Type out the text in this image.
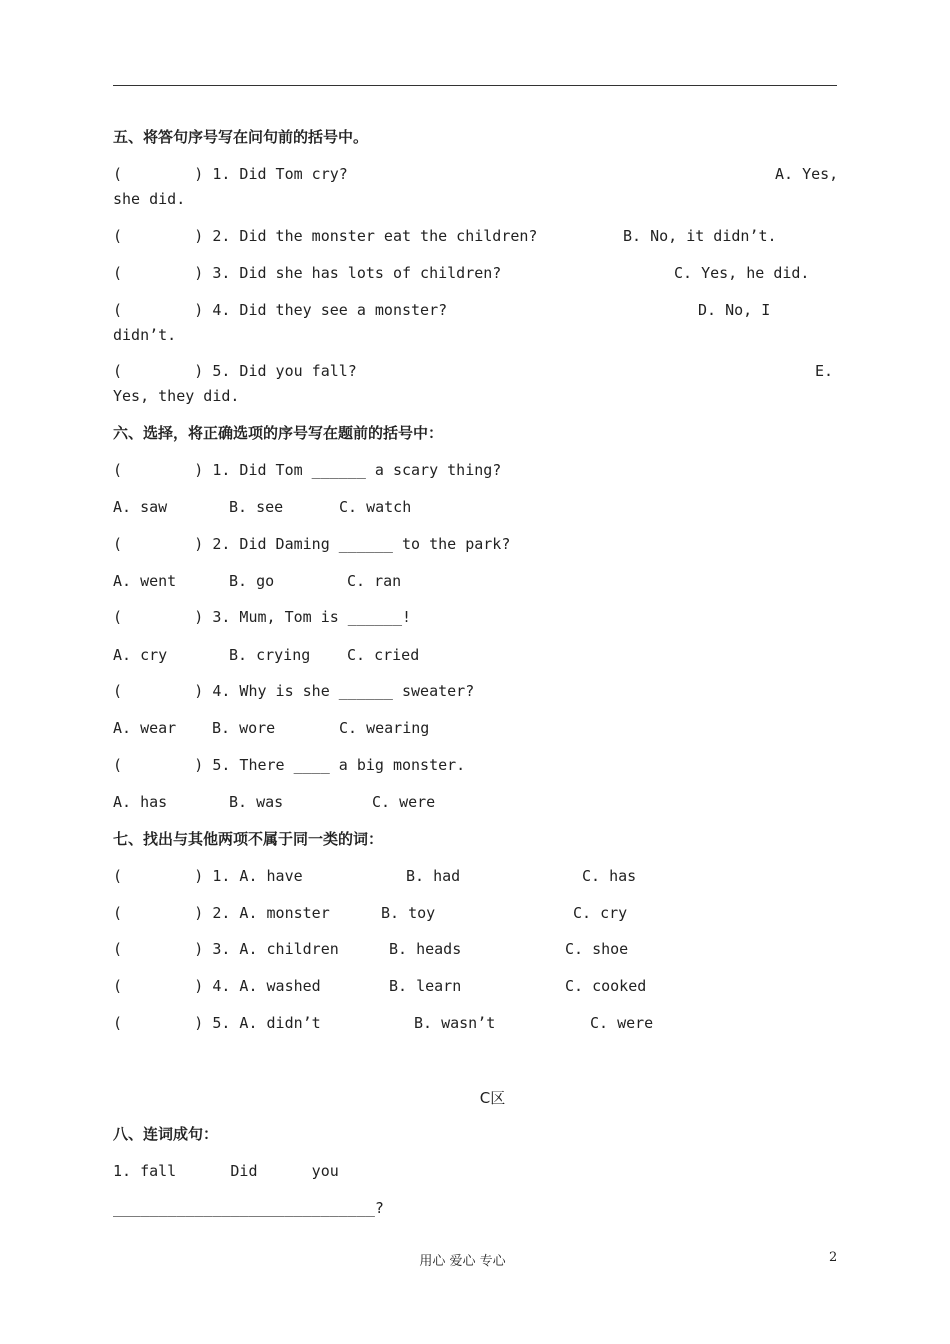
五、将答句序号写在问句前的括号中。
(        ) 1. Did Tom cry?	A. Yes,
she did.
(        ) 2. Did the monster eat the children?	B. No, it didn’t.
(        ) 3. Did she has lots of children?	C. Yes, he did.
(        ) 4. Did they see a monster?	D. No, I
didn’t.
(        ) 5. Did you fall?	E.
Yes, they did.
六、选择，将正确选项的序号写在题前的括号中：
(        ) 1. Did Tom ______ a scary thing?
A. saw	B. see	C. watch
(        ) 2. Did Daming ______ to the park?
A. went	B. go	C. ran
(        ) 3. Mum, Tom is ______!
A. cry	B. crying C. cried
(        ) 4. Why is she ______ sweater?
A. wear B. wore	C. wearing
(        ) 5. There ____ a big monster.
A. has	B. was	C. were
七、找出与其他两项不属于同一类的词：
(        ) 1. A. have	B. had	C. has
(        ) 2. A. monster	B. toy	C. cry
(        ) 3. A. children	B. heads	C. shoe
(        ) 4. A. washed	B. learn	C. cooked
(        ) 5. A. didn’t	B. wasn’t	C. were
C区
八、连词成句：
1. fall      Did      you
_____________________________?
用心 爱心 专心	2
